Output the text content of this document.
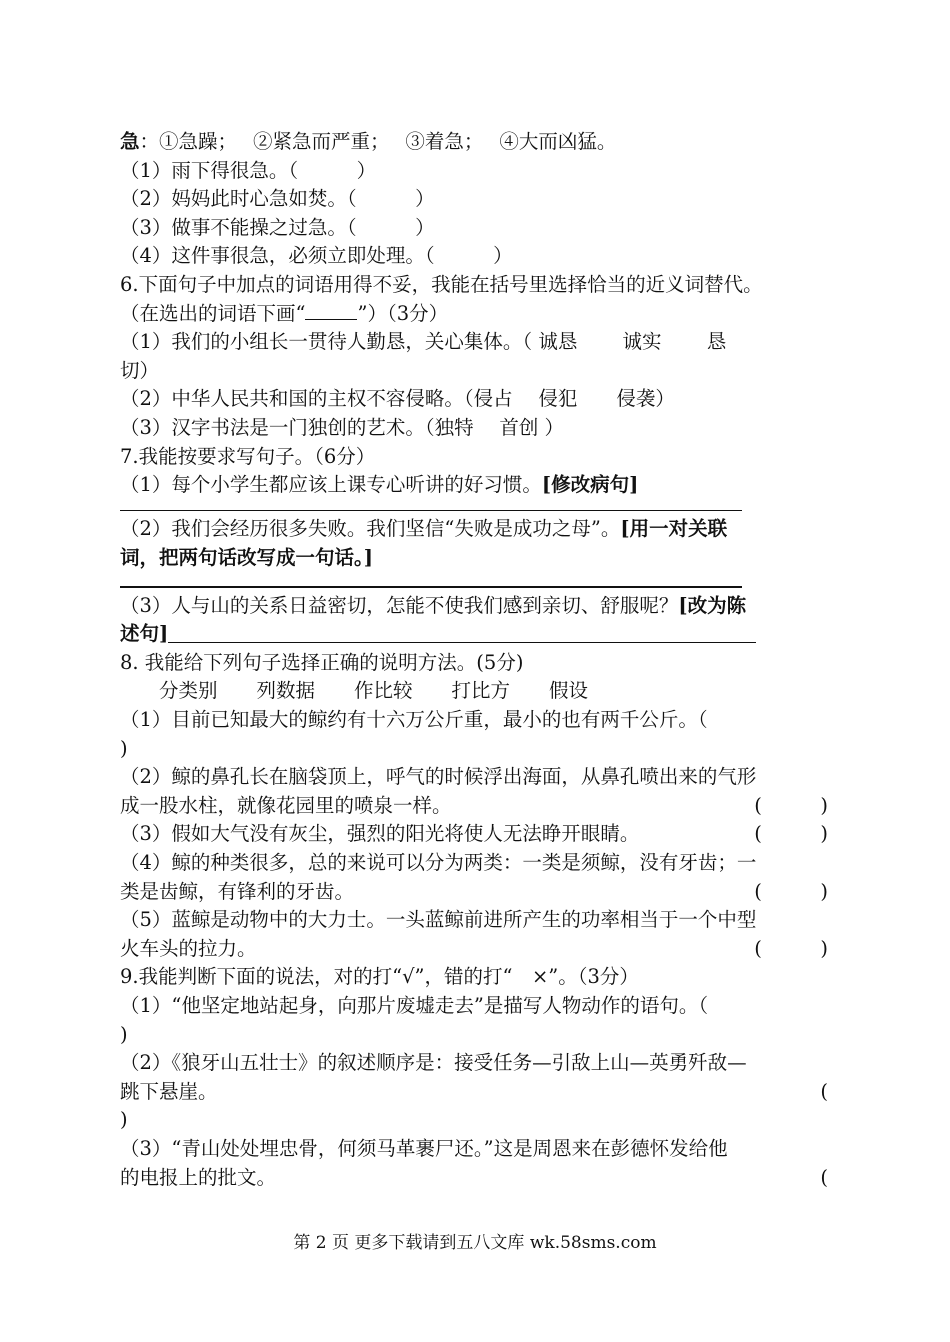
急：①急躁；　 ②紧急而严重；　 ③着急；　 ④大而凶猛。
（1）雨下得很急。（　　　）
（2）妈妈此时心急如焚。（　　　）
（3）做事不能操之过急。（　　　）
（4）这件事很急，必须立即处理。（　　　）
6.下面句子中加点的词语用得不妥，我能在括号里选择恰当的近义词替代。
（在选出的词语下画“	”）（3分）
（1）我们的小组长一贯待人勤恳，关心集体。（ 诚恳　　 诚实　　 恳
切）
（2）中华人民共和国的主权不容侵略。（侵占　 侵犯　　侵袭）
（3）汉字书法是一门独创的艺术。（独特　 首创 ）
7.我能按要求写句子。（6分）
（1）每个小学生都应该上课专心听讲的好习惯。[修改病句]
（2）我们会经历很多失败。我们坚信“失败是成功之母”。[用一对关联
词，把两句话改写成一句话。]
（3）人与山的关系日益密切，怎能不使我们感到亲切、舒服呢？[改为陈
述句]
8. 我能给下列句子选择正确的说明方法。(5分)
　　分类别　　列数据　　作比较　　打比方　　假设
（1）目前已知最大的鲸约有十六万公斤重，最小的也有两千公斤。（
)
（2）鲸的鼻孔长在脑袋顶上，呼气的时候浮出海面，从鼻孔喷出来的气形
成一股水柱，就像花园里的喷泉一样。	(　　　)
（3）假如大气没有灰尘，强烈的阳光将使人无法睁开眼睛。	(　　　)
（4）鲸的种类很多，总的来说可以分为两类：一类是须鲸，没有牙齿；一
类是齿鲸，有锋利的牙齿。	(　　　)
（5）蓝鲸是动物中的大力士。一头蓝鲸前进所产生的功率相当于一个中型
火车头的拉力。	(　　　)
9.我能判断下面的说法，对的打“√”，错的打“　×”。（3分）
（1）“他坚定地站起身，向那片废墟走去”是描写人物动作的语句。（
)
（2）《狼牙山五壮士》的叙述顺序是：接受任务—引敌上山—英勇歼敌—
跳下悬崖。	(
)
（3）“青山处处埋忠骨，何须马革裹尸还。”这是周恩来在彭德怀发给他
的电报上的批文。	(
第 2 页 更多下载请到五八文库 wk.58sms.com
